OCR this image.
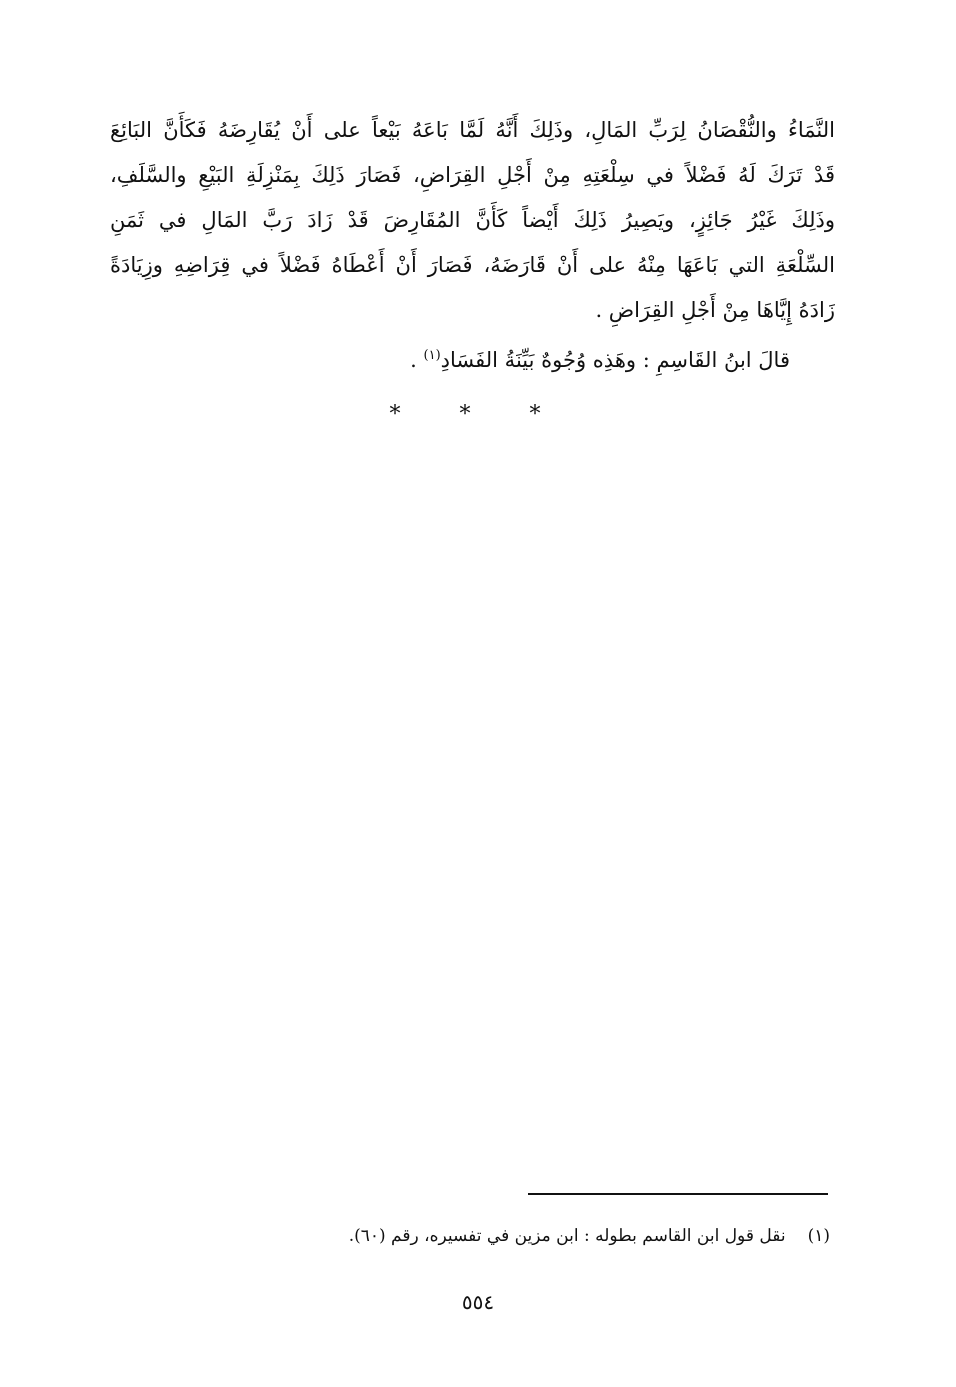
النَّمَاءُ والنُّقْصَانُ لِرَبِّ المَالِ، وذَلِكَ أَنَّهُ لَمَّا بَاعَهُ بَيْعاً على أَنْ يُقَارِضَهُ فَكَأَنَّ البَائِعَ
قَدْ تَرَكَ لَهُ فَضْلاً في سِلْعَتِهِ مِنْ أَجْلِ القِرَاضِ، فَصَارَ ذَلِكَ بِمَنْزِلَةِ البَيْعِ والسَّلَفِ،
وذَلِكَ غَيْرُ جَائِزٍ، ويَصِيرُ ذَلِكَ أَيْضاً كَأَنَّ المُقَارِضَ قَدْ زَادَ رَبَّ المَالِ في ثَمَنِ
السِّلْعَةِ التي بَاعَهَا مِنْهُ على أَنْ قَارَضَهُ، فَصَارَ أَنْ أَعْطَاهُ فَضْلاً في قِرَاضِهِ وزِيَادَةً
زَادَهُ إِيَّاهَا مِنْ أَجْلِ القِرَاضِ .
قالَ ابنُ القَاسِمِ : وهَذِه وُجُوهٌ بَيِّنَةُ الفَسَادِ$^{(١)}$ .
* * *
(١)نقل قول ابن القاسم بطوله : ابن مزين في تفسيره، رقم (٦٠).
٥٥٤
